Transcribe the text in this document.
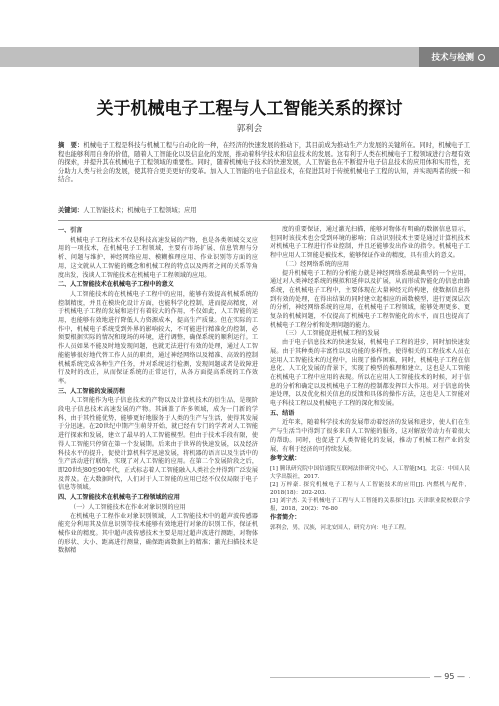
技术与检测
关于机械电子工程与人工智能关系的探讨
郭利会
摘　要：机械电子工程是科技与机械工程与自动化的一种，在经济的快速发展的推动下，其目前成为推动生产力发展的关键所在。同时，机械电子工程也能够利用自身的价值，随着人工智能化以及信息化的发展，推动着科学技术和信息技术的发展。这有利于人类在机械电子工程领域进行合理有效的探索，并提升其在机械电子工程领域的重要性。同时，随着机械电子技术的快速发展，人工智能也在不断提升电子信息技术的应用体和实用性，充分助力人类与社会的发展，使其符合更美更好的变革。加入人工智能的电子信息技术，在促进其对于传统机械电子工程的认知，并实现两者的统一和结合。
关键词：人工智能技术；机械电子工程领域；应用
一、引言

机械电子工程技术不仅是科技高速发展的产物，也是各类领域交叉应用的一项技术，在机械电子工程领域，主要有市场扩展、信息管理与分析、问题与维护、神经网络应用、模糊推理应用、作业识别等方面的应用，这文就从人工智能的概念和机械工程的特点以及两者之间的关系等角度出发，浅谈人工智能技术在机械电子工程领域的应用。

二、人工智能技术在机械电子工程中的意义

人工智能技术的在机械电子工程中的应用，能够有效提高机械系统的控制精度，并且在模块化设计方面，也能科学化控制，进而提高精度，对于机械电子工程的发展和运行有着较大的作用，不仅如此，人工智能的运用，也能够有效地进行降低人力资源成本，提高生产质量。但在实际的工作中，机械电子系统受到外界的影响较大，不可能进行精准化的控制，必须要根据实际的情况和现场的环境，进行调整，确保系统的顺利运行。工作人员如果不能及时地发现问题，也就无法进行有效的处理，通过人工智能能够很好地代替工作人员的职责，通过神经网络以及精准、高效的控制机械系统完成各种生产任务，并对系统运行检测，发现问题或者是故障进行及时的改正，从而保证系统的正常运行，从各方面提高系统的工作效率。

三、人工智能的发展历程

人工智能作为电子信息技术的产物以及计算机技术的衍生品，是现阶段电子信息技术高速发展的产物。其涵盖了许多领域，成为一门新的学科，由于其性能优势，能够更好地服务于人类的生产与生活，使得其发展于分迅速。在20世纪中期产生萌芽开始，就已经有专门的学者对人工智能进行探索和发展，建立了最早的人工智能模型。但由于技术手段有限，使得人工智能只停留在第一个发展期。后来由于世界的快速发展，以及经济科技水平的提升，促使计算机科学迅速发展，将机器的语言以及生活中的生产活动进行联络，实现了对人工智能的应用。在第二个发展阶段之后，即20世纪80至90年代，正式标志着人工智能融入人类社会并得到广泛发展及普及。在大数据时代，人们对于人工智能的应用已经不仅仅局限于电子信息等领域。

四、人工智能技术在机械电子工程领域的应用

（一）人工智能技术在作业对象识别的应用

在机械电子工程作业对象识别领域，人工智能技术中的超声波传感器能充分利用其及信息识别等技术能够有效地进行对象的识别工作，保证机械作业的精度。其中超声波传感技术主要是用过超声波进行测距，对物体的形状、大小、距离进行测量，确保距离数据上的精准；激光扫描技术是数据精

度的重要保证，通过激光扫描，能够对物体有明确的数据信息显示，但同时该技术也会受到环境的影响；自动识别技术主要是通过计算机技术对机械电子工程进行作业控制，并且还能够发出作业的指令。机械电子工程中应用人工智能是被技术，能够保证作业的精度，具有重大的意义。

（二）经网络系统的应用

提升机械电子工程的分析能力就是神经网络系统最典型的一个应用，通过对人类神经系统的模拟和延伸以及扩展，从而形成智能化的信息由路系统，在机械电子工程中，主要体现在大量神经元的构建，使数据信息得到有效的处理，在得出结果的同时建立起相应的函数模型，进行更深层次的分析，神经网络系统的应用，在机械电子工程领域，能够处理更多、更复杂的机械问题，不仅提高了机械电子工程智能化的水平，而且也提高了机械电子工程分析和处理问题的能力。

（三）人工智能促进机械工程的发展

由于电子信息技术的快速发展，机械电子工程的进步，同时加快速发展。由于其种类的丰富性以及功能的多样性，使得相关的工程技术人员在运用人工智能技术的过程中，出现了操作困难，同时，机械电子工程在信息化、人工化发展的背景下，实现了模型的推理和建立，这也是人工智能在机械电子工程中应用的表现。所以在应用人工智能技术的时候，对于信息的分析和确定以及机械电子工程的控制都发挥巨大作用。对于信息的快速处理，以及优化相关信息的反馈和具体的操作方法，这也是人工智能对电子科技工程以及机械电子工程的深化和发展。

五、结语

近年来，随着科学技术的发展带动着经济的发展和进步，使人们在生产与生活当中得到了很多来自人工智能的服务，这对解放劳动力有着很大的帮助。同时，也促进了人类智能化的发展，推动了机械工程产业的发展，有利于经济的可持续发展。

参考文献：

[1] 腾讯研究院中国信通院互联网法律研究中心，人工智能[M]，北京：中国人民大学出版社，2017.

[2] 万梓豪. 探究机械电子工程与人工智能技术的应用[J]. 内燃机与配件，2018(18)：202-203.

[3] 刘宇杰. 关于机械电子工程与人工智能的关系探讨[J]. 天津职业院校联合学报，2018，20(2)：76-80

作者简介：

郭利会，男，汉族，河北安国人，研究方向：电子工程。

— 95 —
